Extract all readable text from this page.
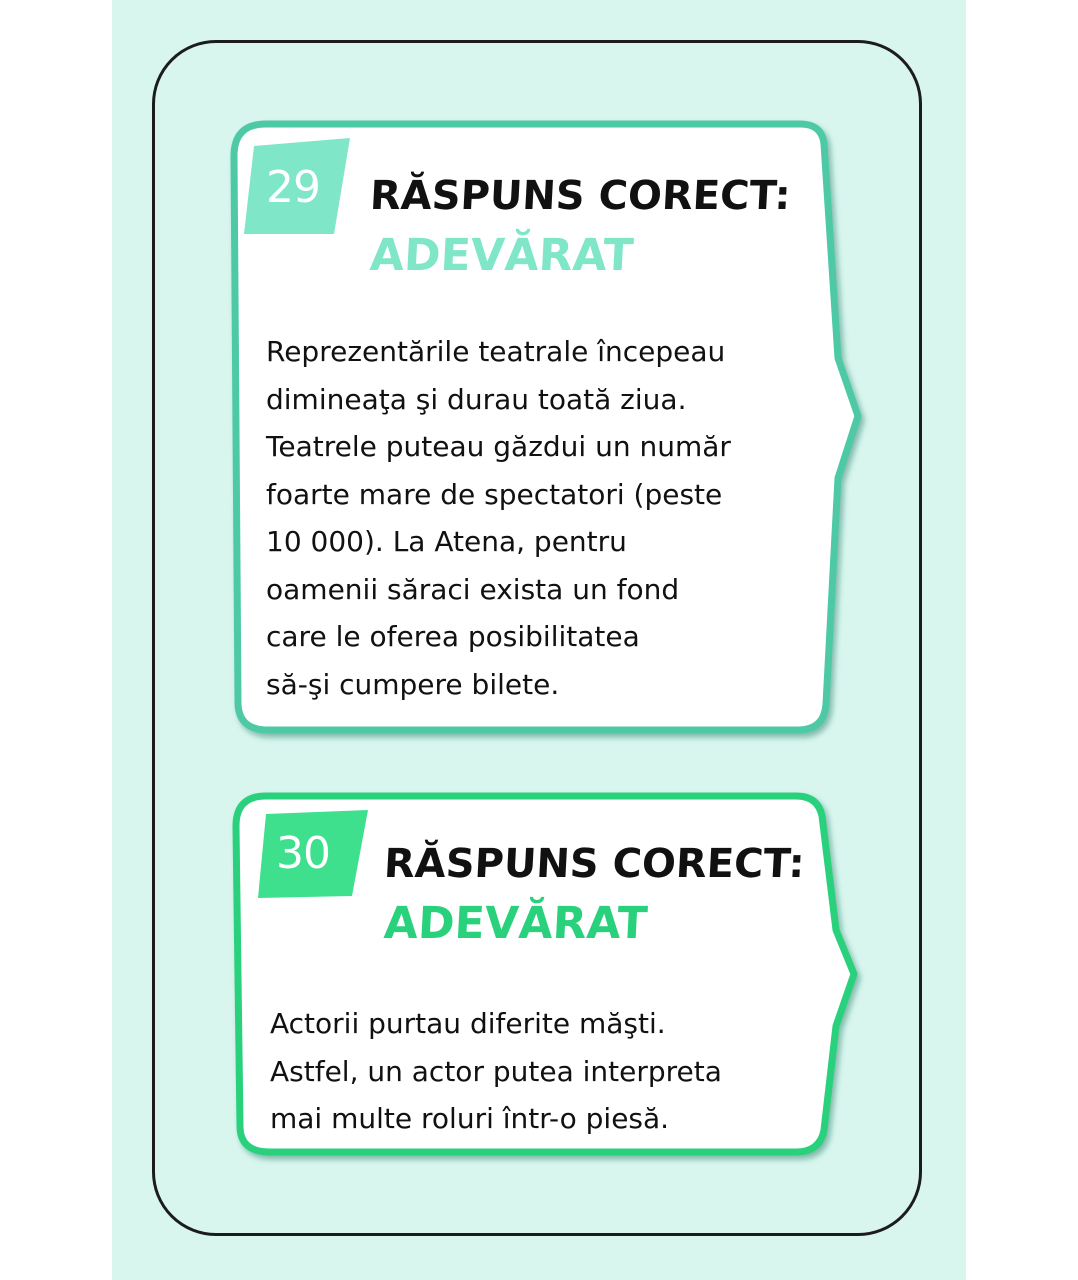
29 RĂSPUNS CORECT:
ADEVĂRAT
Reprezentările teatrale începeau
dimineaţa şi durau toată ziua.
Teatrele puteau găzdui un număr
foarte mare de spectatori (peste
10 000). La Atena, pentru
oamenii săraci exista un fond
care le oferea posibilitatea
să-şi cumpere bilete.
30 RĂSPUNS CORECT:
ADEVĂRAT
Actorii purtau diferite măşti.
Astfel, un actor putea interpreta
mai multe roluri într-o piesă.
